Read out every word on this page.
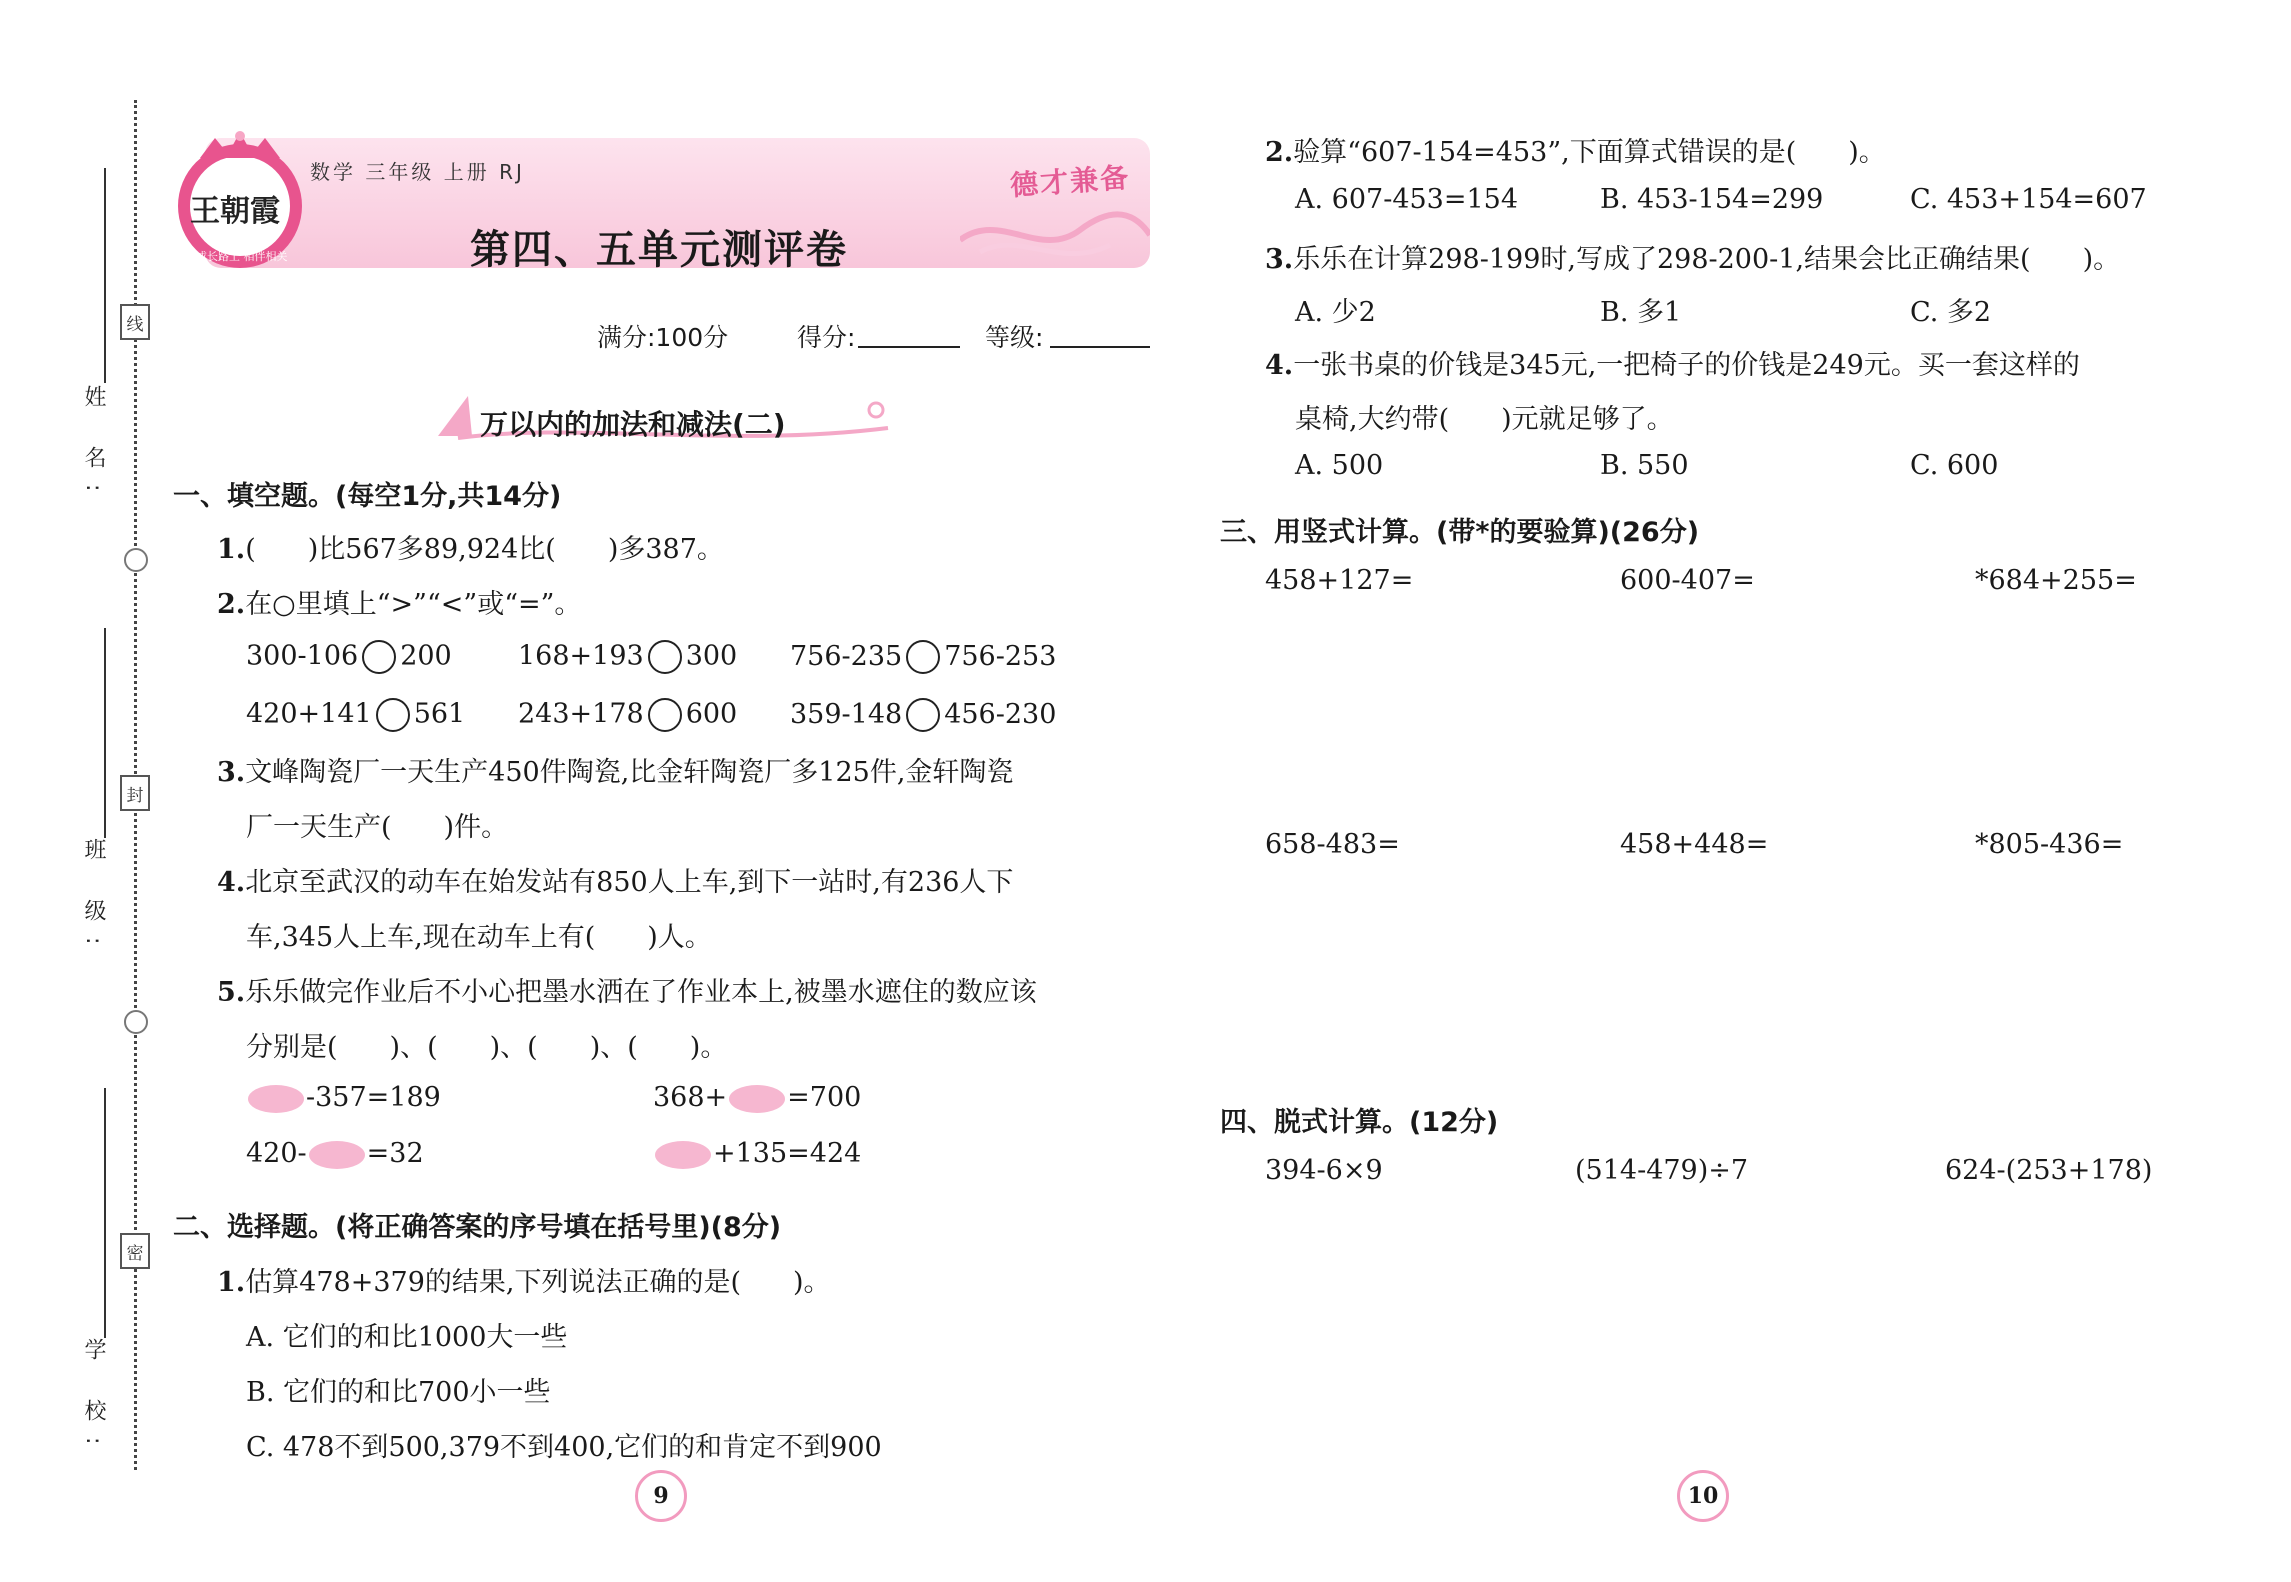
姓 名:
班 级:
学 校:
线
封
密
王朝霞
成长路上 相伴相关
数学 三年级 上册 RJ	德才兼备
第四、五单元测评卷
满分:100分	得分:	等级:
万以内的加法和减法(二)
一、填空题。(每空1分,共14分)
1.( )比567多89,924比( )多387。
2.在○里填上“>”“<”或“=”。
300-106 200 168+193 300 756-235 756-253
420+141 561 243+178 600 359-148 456-230
3.文峰陶瓷厂一天生产450件陶瓷,比金轩陶瓷厂多125件,金轩陶瓷
厂一天生产( )件。
4.北京至武汉的动车在始发站有850人上车,到下一站时,有236人下
车,345人上车,现在动车上有( )人。
5.乐乐做完作业后不小心把墨水洒在了作业本上,被墨水遮住的数应该
分别是( )、( )、( )、( )。
-357=189	368+ =700
420- =32	+135=424
二、选择题。(将正确答案的序号填在括号里)(8分)
1.估算478+379的结果,下列说法正确的是( )。
A. 它们的和比1000大一些
B. 它们的和比700小一些
C. 478不到500,379不到400,它们的和肯定不到900
2.验算“607-154=453”,下面算式错误的是( )。
A. 607-453=154	B. 453-154=299	C. 453+154=607
3.乐乐在计算298-199时,写成了298-200-1,结果会比正确结果( )。
A. 少2	B. 多1	C. 多2
4.一张书桌的价钱是345元,一把椅子的价钱是249元。买一套这样的
桌椅,大约带( )元就足够了。
A. 500	B. 550	C. 600
三、用竖式计算。(带*的要验算)(26分)
458+127=	600-407=	*684+255=
658-483=	458+448=	*805-436=
四、脱式计算。(12分)
394-6×9	(514-479)÷7	624-(253+178)
9	10
